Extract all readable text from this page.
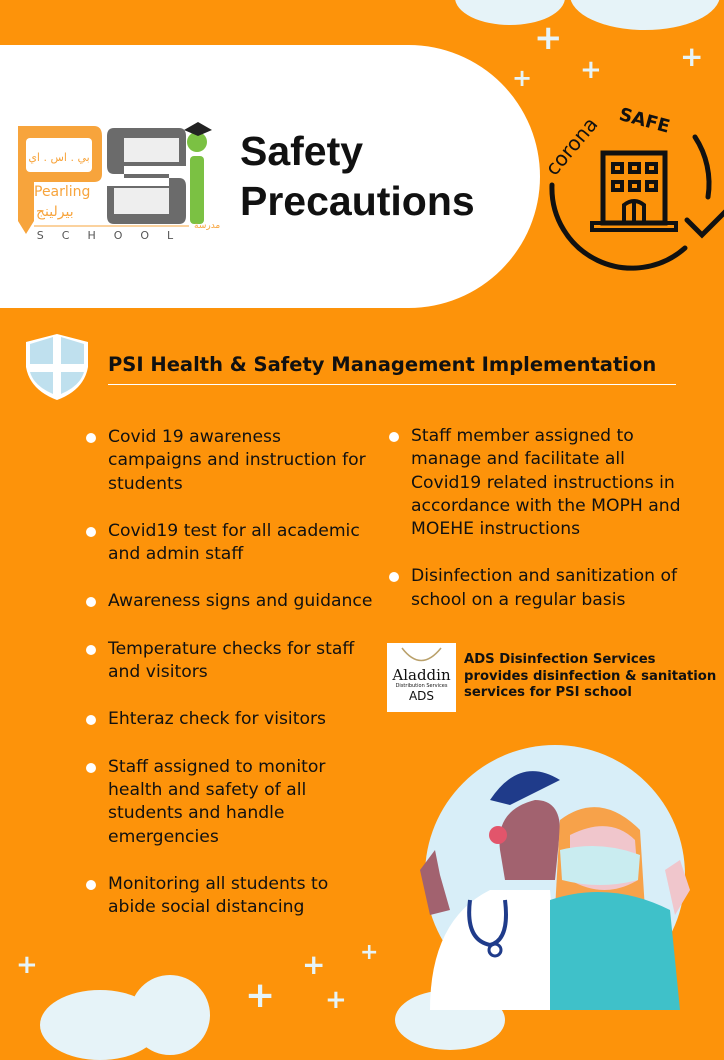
+	+
+ +
+	+
+
+
+
بي . اس . اي
Pearling
بيرلينج
مدرسة
SCHOOL
Safety
Precautions
corona SAFE
PSI Health & Safety Management Implementation
Covid 19 awareness campaigns and instruction for students
Covid19 test for all academic and admin staff
Awareness signs and guidance
Temperature checks for staff and visitors
Ehteraz check for visitors
Staff assigned to monitor health and safety of all students and handle emergencies
Monitoring all students to abide social distancing
Staff member assigned to manage and facilitate all Covid19 related instructions in accordance with the MOPH and MOEHE instructions
Disinfection and sanitization of school on a regular basis
Aladdin
Distribution Services
ADS
ADS Disinfection Services provides disinfection & sanitation services for PSI school
